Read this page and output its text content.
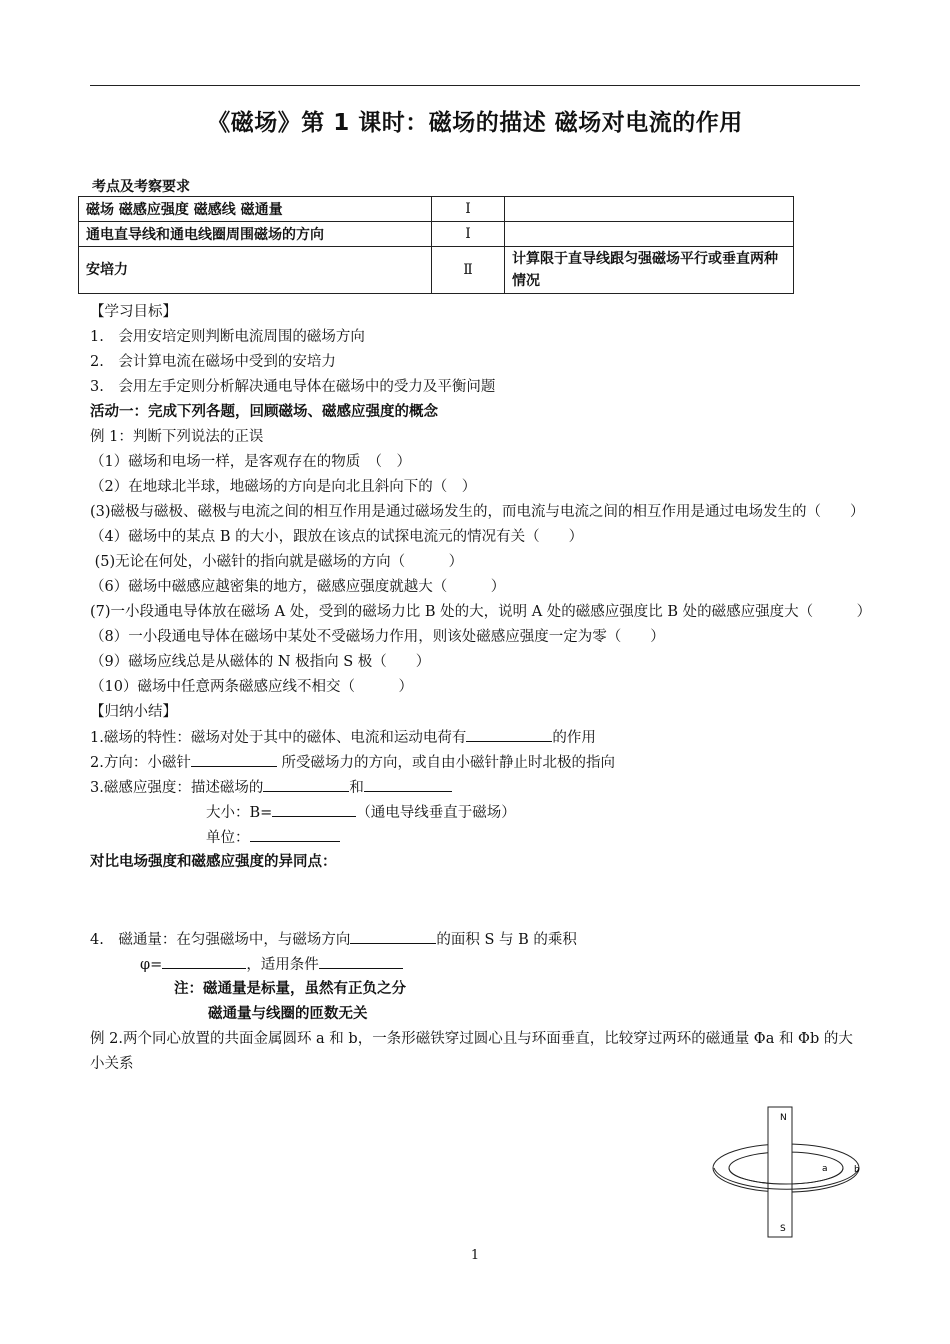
《磁场》第 1 课时：磁场的描述 磁场对电流的作用
考点及考察要求
磁场 磁感应强度 磁感线 磁通量	Ⅰ	
通电直导线和通电线圈周围磁场的方向	Ⅰ	
安培力	Ⅱ	计算限于直导线跟匀强磁场平行或垂直两种情况
【学习目标】
1.　会用安培定则判断电流周围的磁场方向
2.　会计算电流在磁场中受到的安培力
3.　会用左手定则分析解决通电导体在磁场中的受力及平衡问题
活动一：完成下列各题，回顾磁场、磁感应强度的概念
例 1：判断下列说法的正误
（1）磁场和电场一样，是客观存在的物质　（　）
（2）在地球北半球，地磁场的方向是向北且斜向下的（　）
(3)磁极与磁极、磁极与电流之间的相互作用是通过磁场发生的，而电流与电流之间的相互作用是通过电场发生的（　　）
（4）磁场中的某点 B 的大小，跟放在该点的试探电流元的情况有关（　　）
(5)无论在何处，小磁针的指向就是磁场的方向（　　　）
（6）磁场中磁感应越密集的地方，磁感应强度就越大（　　　）
(7)一小段通电导体放在磁场 A 处，受到的磁场力比 B 处的大，说明 A 处的磁感应强度比 B 处的磁感应强度大（　　　）
（8）一小段通电导体在磁场中某处不受磁场力作用，则该处磁感应强度一定为零（　　）
（9）磁场应线总是从磁体的 N 极指向 S 极（　　）
（10）磁场中任意两条磁感应线不相交（　　　）
【归纳小结】
1.磁场的特性：磁场对处于其中的磁体、电流和运动电荷有	的作用
2.方向：小磁针	所受磁场力的方向，或自由小磁针静止时北极的指向
3.磁感应强度：描述磁场的	和
大小：B=	（通电导线垂直于磁场）
单位：
对比电场强度和磁感应强度的异同点：
4.　磁通量：在匀强磁场中，与磁场方向	的面积 S 与 B 的乘积
φ=	，适用条件
注：磁通量是标量，虽然有正负之分
磁通量与线圈的匝数无关
例 2.两个同心放置的共面金属圆环 a 和 b，一条形磁铁穿过圆心且与环面垂直，比较穿过两环的磁通量 Φa 和 Φb 的大小关系
N
S
a	b
1
